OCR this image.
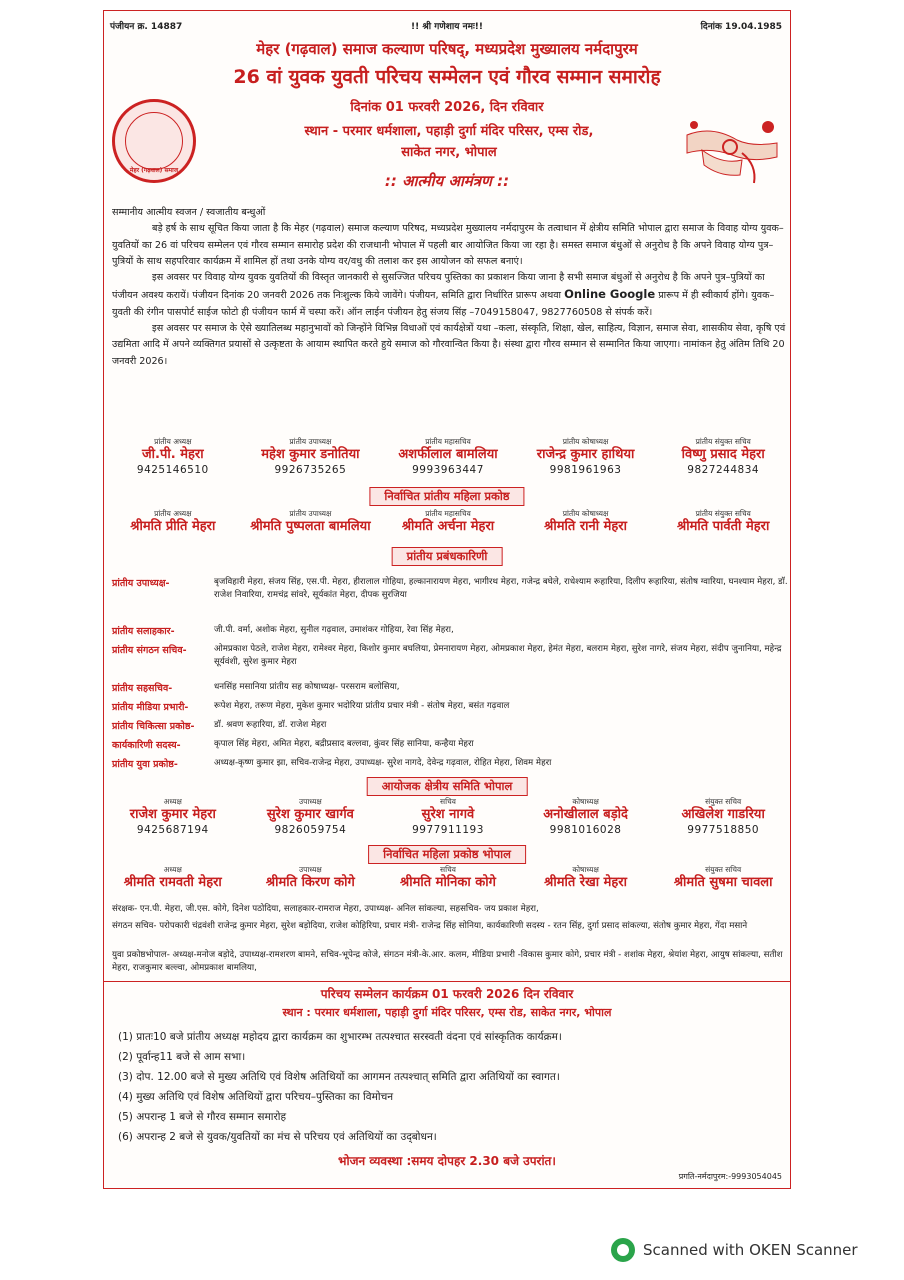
पंजीयन क्र. 14887	!! श्री गणेशाय नमः!!	दिनांक 19.04.1985
मेहर (गढ़वाल) समाज कल्याण परिषद्, मध्यप्रदेश मुख्यालय नर्मदापुरम
26 वां युवक युवती परिचय सम्मेलन एवं गौरव सम्मान समारोह
दिनांक 01 फरवरी 2026, दिन रविवार
स्थान - परमार धर्मशाला, पहाड़ी दुर्गा मंदिर परिसर, एम्स रोड,
साकेत नगर, भोपाल
:: आत्मीय आमंत्रण ::
मेहर (गढ़वाल) समाज

सम्मानीय आत्मीय स्वजन / स्वजातीय बन्धुओं

बड़े हर्ष के साथ सूचित किया जाता है कि मेहर (गढ़वाल) समाज कल्याण परिषद, मध्यप्रदेश मुख्यालय नर्मदापुरम के तत्वाधान में क्षेत्रीय समिति भोपाल द्वारा समाज के विवाह योग्य युवक–युवतियों का 26 वां परिचय सम्मेलन एवं गौरव सम्मान समारोह प्रदेश की राजधानी भोपाल में पहली बार आयोजित किया जा रहा है। समस्त समाज बंधुओं से अनुरोध है कि अपने विवाह योग्य पुत्र–पुत्रियों के साथ सहपरिवार कार्यक्रम में शामिल हों तथा उनके योग्य वर/वधु की तलाश कर इस आयोजन को सफल बनाएं।

इस अवसर पर विवाह योग्य युवक युवतियों की विस्तृत जानकारी से सुसज्जित परिचय पुस्तिका का प्रकाशन किया जाना है सभी समाज बंधुओं से अनुरोध है कि अपने पुत्र–पुत्रियों का पंजीयन अवश्य करायें। पंजीयन दिनांक 20 जनवरी 2026 तक निःशुल्क किये जावेंगे। पंजीयन, समिति द्वारा निर्धारित प्रारूप अथवा Online Google प्रारूप में ही स्वीकार्य होंगे। युवक–युवती की रंगीन पासपोर्ट साईज फोटो ही पंजीयन फार्म में चस्पा करें। ऑन लाईन पंजीयन हेतु संजय सिंह –7049158047, 9827760508 से संपर्क करें।

इस अवसर पर समाज के ऐसे ख्यातिलब्ध महानुभावों को जिन्होंने विभिन्न विधाओं एवं कार्यक्षेत्रों यथा –कला, संस्कृति, शिक्षा, खेल, साहित्य, विज्ञान, समाज सेवा, शासकीय सेवा, कृषि एवं उद्यमिता आदि में अपने व्यक्तिगत प्रयासों से उत्कृष्टता के आयाम स्थापित करते हुये समाज को गौरवान्वित किया है। संस्था द्वारा गौरव सम्मान से सम्मानित किया जाएगा। नामांकन हेतु अंतिम तिथि 20 जनवरी 2026।

प्रांतीय अध्यक्ष
जी.पी. मेहरा
9425146510
प्रांतीय उपाध्यक्ष
महेश कुमार डनोतिया
9926735265
प्रांतीय महासचिव
अशर्फीलाल बामलिया
9993963447
प्रांतीय कोषाध्यक्ष
राजेन्द्र कुमार हाथिया
9981961963
प्रांतीय संयुक्त सचिव
विष्णु प्रसाद मेहरा
9827244834
निर्वाचित प्रांतीय महिला प्रकोष्ठ
प्रांतीय अध्यक्ष
श्रीमति प्रीति मेहरा
प्रांतीय उपाध्यक्ष
श्रीमति पुष्पलता बामलिया
प्रांतीय महासचिव
श्रीमति अर्चना मेहरा
प्रांतीय कोषाध्यक्ष
श्रीमति रानी मेहरा
प्रांतीय संयुक्त सचिव
श्रीमति पार्वती मेहरा
प्रांतीय प्रबंधकारिणी
प्रांतीय उपाध्यक्ष-	बृजविहारी मेहरा, संजय सिंह, एस.पी. मेहरा, हीरालाल गोहिया, हल्कानारायण मेहरा, भागीरथ मेहरा, गजेन्द्र बघेले, राधेश्याम रूहारिया, दिलीप रूहारिया, संतोष ग्वारिया, घनश्याम मेहरा, डॉ. राजेश निवारिया, रामचंद्र सांवरे, सूर्यकांत मेहरा, दीपक सुरजिया
प्रांतीय सलाहकार-	जी.पी. वर्मा, अशोक मेहरा, सुनील गढ़वाल, उमाशंकर गोहिया, रेवा सिंह मेहरा,
प्रांतीय संगठन सचिव-	ओमप्रकाश पेठले, राजेश मेहरा, रामेश्वर मेहरा, किशोर कुमार बघलिया, प्रेमनारायण मेहरा, ओमप्रकाश मेहरा, हेमंत मेहरा, बलराम मेहरा, सुरेश नागरे, संजय मेहरा, संदीप जुनानिया, महेन्द्र सूर्यवंशी, सुरेश कुमार मेहरा
प्रांतीय सहसचिव-	धनसिंह मसानिया प्रांतीय सह कोषाध्यक्ष- परसराम बलोसिया,
प्रांतीय मीडिया प्रभारी-	रूपेश मेहरा, तरूण मेहरा, मुकेश कुमार भदोरिया प्रांतीय प्रचार मंत्री - संतोष मेहरा, बसंत गढ़वाल
प्रांतीय चिकित्सा प्रकोष्ठ-	डॉ. श्रवण रूहारिया, डॉ. राजेश मेहरा
कार्यकारिणी सदस्य-	कृपाल सिंह मेहरा, अमित मेहरा, बद्रीप्रसाद बल्लवा, कुंवर सिंह सानिया, कन्हैया मेहरा
प्रांतीय युवा प्रकोष्ठ-	अध्यक्ष-कृष्ण कुमार झा, सचिव-राजेन्द्र मेहरा, उपाध्यक्ष- सुरेश नागदे, देवेन्द्र गढ़वाल, रोहित मेहरा, शिवम मेहरा
आयोजक क्षेत्रीय समिति भोपाल
अध्यक्ष
राजेश कुमार मेहरा
9425687194
उपाध्यक्ष
सुरेश कुमार खार्गव
9826059754
सचिव
सुरेश नागवे
9977911193
कोषाध्यक्ष
अनोखीलाल बड़ोदे
9981016028
संयुक्त सचिव
अखिलेश गाडरिया
9977518850
निर्वाचित महिला प्रकोष्ठ भोपाल
अध्यक्ष
श्रीमति रामवती मेहरा
उपाध्यक्ष
श्रीमति किरण कोगे
सचिव
श्रीमति मोनिका कोगे
कोषाध्यक्ष
श्रीमति रेखा मेहरा
संयुक्त सचिव
श्रीमति सुषमा चावला
संरक्षक- एन.पी. मेहरा, जी.एस. कोगे, दिनेश पठोदिया, सलाहकार-रामराज मेहरा, उपाध्यक्ष- अनिल सांकल्या, सहसचिव- जय प्रकाश मेहरा,
संगठन सचिव- परोपकारी चंद्रवंशी राजेन्द्र कुमार मेहरा, सुरेश बड़ोदिया, राजेश कोहिरिया, प्रचार मंत्री- राजेन्द्र सिंह सोनिया, कार्यकारिणी सदस्य - रतन सिंह, दुर्गा प्रसाद सांकल्या, संतोष कुमार मेहरा, गेंदा मसाने
युवा प्रकोष्ठभोपाल- अध्यक्ष-मनोज बड़ोदे, उपाध्यक्ष-रामशरण बामने, सचिव-भूपेन्द्र कोजे, संगठन मंत्री-के.आर. कलम, मीडिया प्रभारी -विकास कुमार कोगे, प्रचार मंत्री - शशांक मेहरा, श्रेयांश मेहरा, आयुष सांकल्या, सतीश मेहरा, राजकुमार बल्ल्वा, ओमप्रकाश बामलिया,
परिचय सम्मेलन कार्यक्रम 01 फरवरी 2026 दिन रविवार
स्थान : परमार धर्मशाला, पहाड़ी दुर्गा मंदिर परिसर, एम्स रोड, साकेत नगर, भोपाल
(1) प्रातः10 बजे प्रांतीय अध्यक्ष महोदय द्वारा कार्यक्रम का शुभारम्भ तत्पश्चात सरस्वती वंदना एवं सांस्कृतिक कार्यक्रम।
(2) पूर्वान्ह11 बजे से आम सभा।
(3) दोप. 12.00 बजे से मुख्य अतिथि एवं विशेष अतिथियों का आगमन तत्पश्चात् समिति द्वारा अतिथियों का स्वागत।
(4) मुख्य अतिथि एवं विशेष अतिथियों द्वारा परिचय–पुस्तिका का विमोचन
(5) अपरान्ह 1 बजे से गौरव सम्मान समारोह
(6) अपरान्ह 2 बजे से युवक/युवतियों का मंच से परिचय एवं अतिथियों का उद्‌बोधन।
भोजन व्यवस्था :समय दोपहर 2.30 बजे उपरांत।
प्रगति-नर्मदापुरम:-9993054045
Scanned with OKEN Scanner
